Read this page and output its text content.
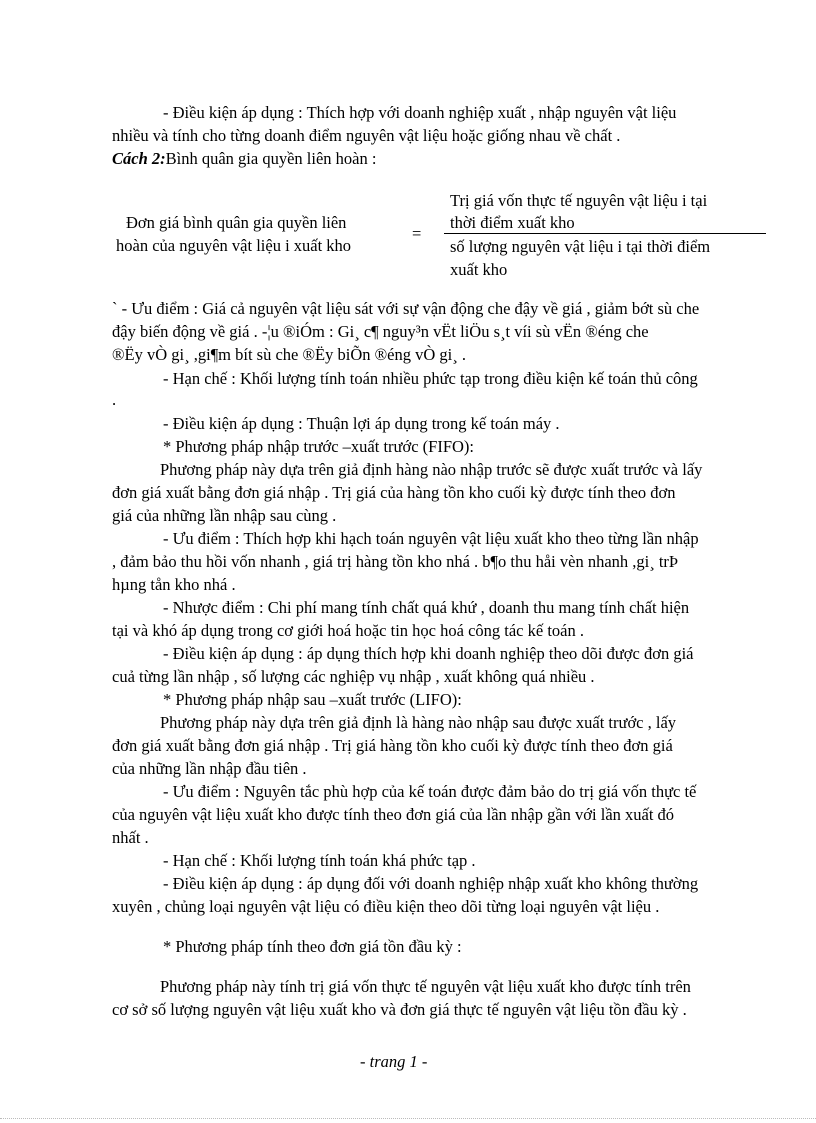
- Điều kiện áp dụng : Thích hợp với doanh nghiệp xuất , nhập nguyên vật liệu
nhiều và tính cho từng doanh điểm nguyên vật liệu hoặc giống nhau về chất .
Cách 2:Bình quân gia quyền liên hoàn :
Đơn giá bình quân gia quyền liên
hoàn của nguyên vật liệu i xuất kho
=
Trị giá vốn thực tế nguyên vật liệu i tại
thời điểm xuất kho
số lượng nguyên vật liệu i tại thời điểm
xuất kho
` - Ưu điểm : Giá cả nguyên vật liệu sát với sự vận động che đậy về giá , giảm bớt sù che
đậy biến động về giá . -¦u ®iÓm : Gi¸ c¶ nguy³n vËt liÖu s¸t víi sù vËn ®éng che
®Ëy vÒ gi¸ ,gi¶m bít sù che ®Ëy biÕn ®éng vÒ gi¸ .
- Hạn chế : Khối lượng tính toán nhiều phức tạp trong điều kiện kế toán thủ công
.
- Điều kiện áp dụng : Thuận lợi áp dụng trong kế toán máy .
* Phương pháp nhập trước –xuất trước (FIFO):
Phương pháp này dựa trên giả định hàng nào nhập trước sẽ được xuất trước và lấy
đơn giá xuất bằng đơn giá nhập . Trị giá của hàng tồn kho cuối kỳ được tính theo đơn
giá của những lần nhập sau cùng .
- Ưu điểm : Thích hợp khi hạch toán nguyên vật liệu xuất kho theo từng lần nhập
, đảm bảo thu hồi vốn nhanh , giá trị hàng tồn kho nhá . b¶o thu håi vèn nhanh ,gi¸ trÞ
hµng tån kho nhá .
- Nhược điểm : Chi phí mang tính chất quá khứ , doanh thu mang tính chất hiện
tại và khó áp dụng trong cơ giới hoá hoặc tin học hoá công tác kế toán .
- Điều kiện áp dụng : áp dụng thích hợp khi doanh nghiệp theo dõi được đơn giá
cuả từng lần nhập , số lượng các nghiệp vụ nhập , xuất không quá nhiều .
* Phương pháp nhập sau –xuất trước (LIFO):
Phương pháp này dựa trên giả định là hàng nào nhập sau được xuất trước , lấy
đơn giá xuất bằng đơn giá nhập . Trị giá hàng tồn kho cuối kỳ được tính theo đơn giá
của những lần nhập đầu tiên .
- Ưu điểm : Nguyên tắc phù hợp của kế toán được đảm bảo do trị giá vốn thực tế
của nguyên vật liệu xuất kho được tính theo đơn giá của lần nhập gần với lần xuất đó
nhất .
- Hạn chế : Khối lượng tính toán khá phức tạp .
- Điều kiện áp dụng : áp dụng đối với doanh nghiệp nhập xuất kho không thường
xuyên , chủng loại nguyên vật liệu có điều kiện theo dõi từng loại nguyên vật liệu .
* Phương pháp tính theo đơn giá tồn đầu kỳ :
Phương pháp này tính trị giá vốn thực tế nguyên vật liệu xuất kho được tính trên
cơ sở số lượng nguyên vật liệu xuất kho và đơn giá thực tế nguyên vật liệu tồn đầu kỳ .
- trang 1 -
